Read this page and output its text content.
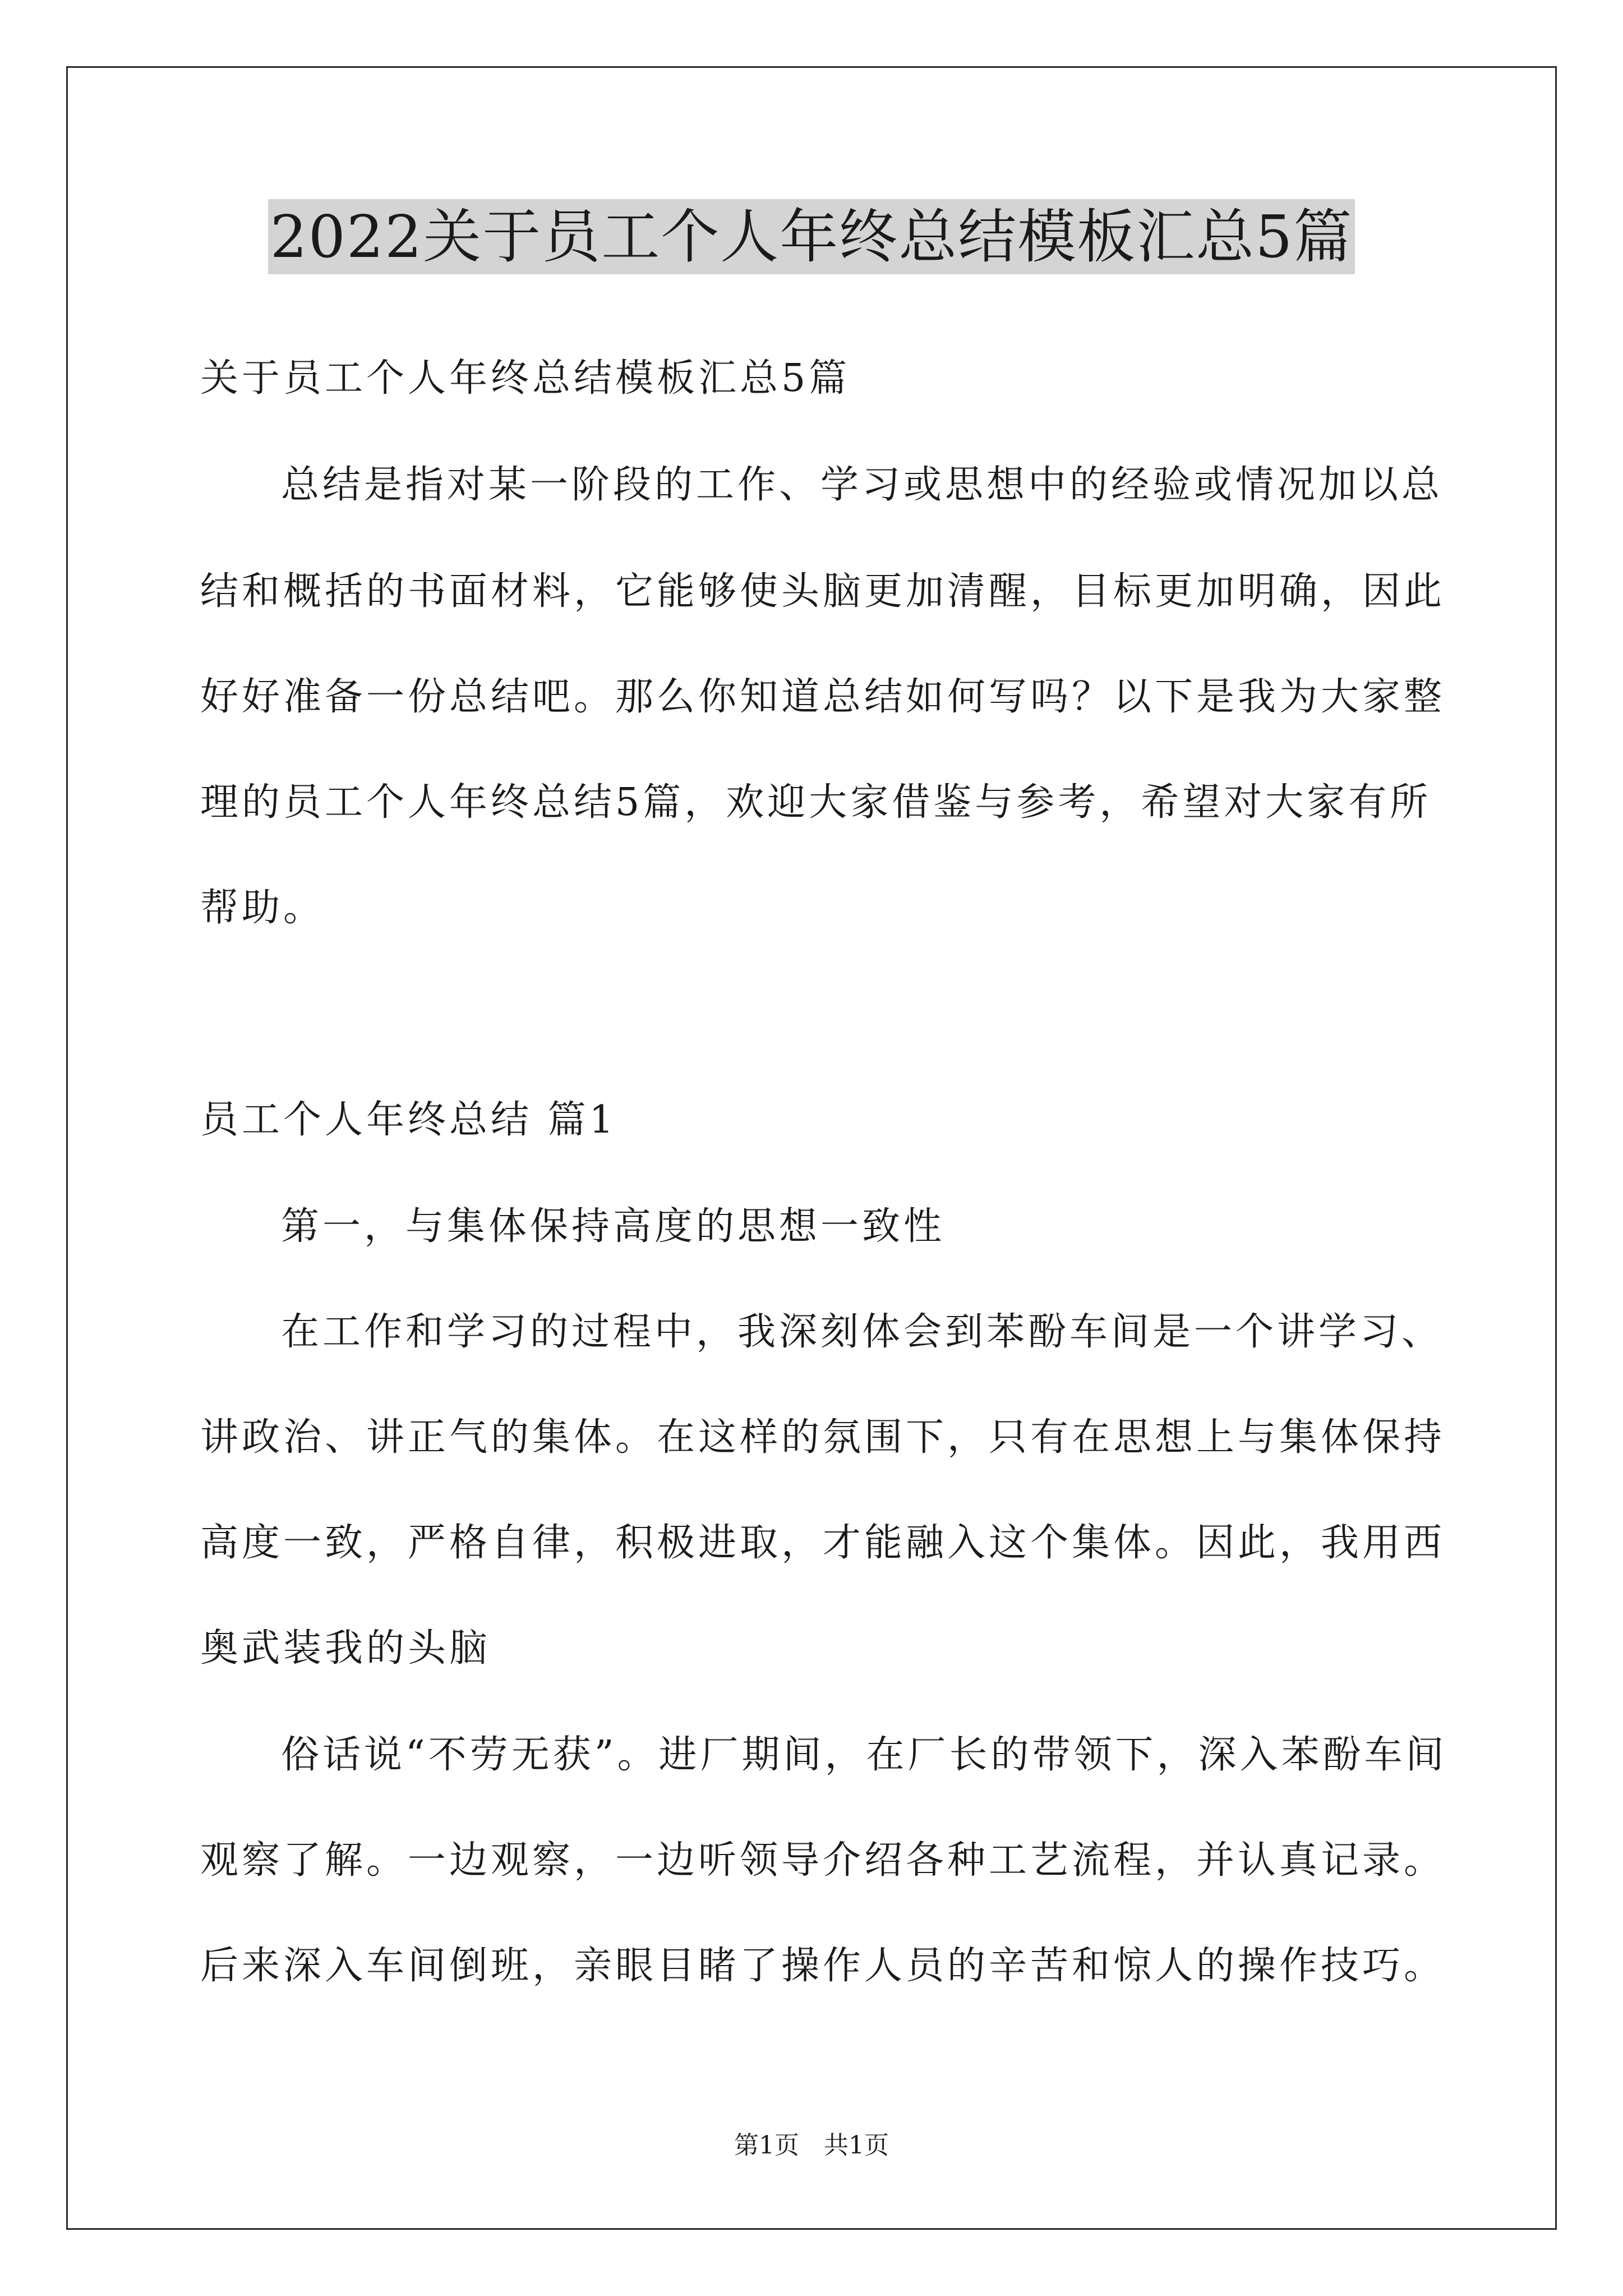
2022关于员工个人年终总结模板汇总5篇
关于员工个人年终总结模板汇总5篇
总结是指对某一阶段的工作、学习或思想中的经验或情况加以总
结和概括的书面材料，它能够使头脑更加清醒，目标更加明确，因此
好好准备一份总结吧。那么你知道总结如何写吗？以下是我为大家整
理的员工个人年终总结5篇，欢迎大家借鉴与参考，希望对大家有所
帮助。
员工个人年终总结 篇1
第一，与集体保持高度的思想一致性
在工作和学习的过程中，我深刻体会到苯酚车间是一个讲学习、
讲政治、讲正气的集体。在这样的氛围下，只有在思想上与集体保持
高度一致，严格自律，积极进取，才能融入这个集体。因此，我用西
奥武装我的头脑
俗话说“不劳无获”。进厂期间，在厂长的带领下，深入苯酚车间
观察了解。一边观察，一边听领导介绍各种工艺流程，并认真记录。
后来深入车间倒班，亲眼目睹了操作人员的辛苦和惊人的操作技巧。
第1页　共1页
